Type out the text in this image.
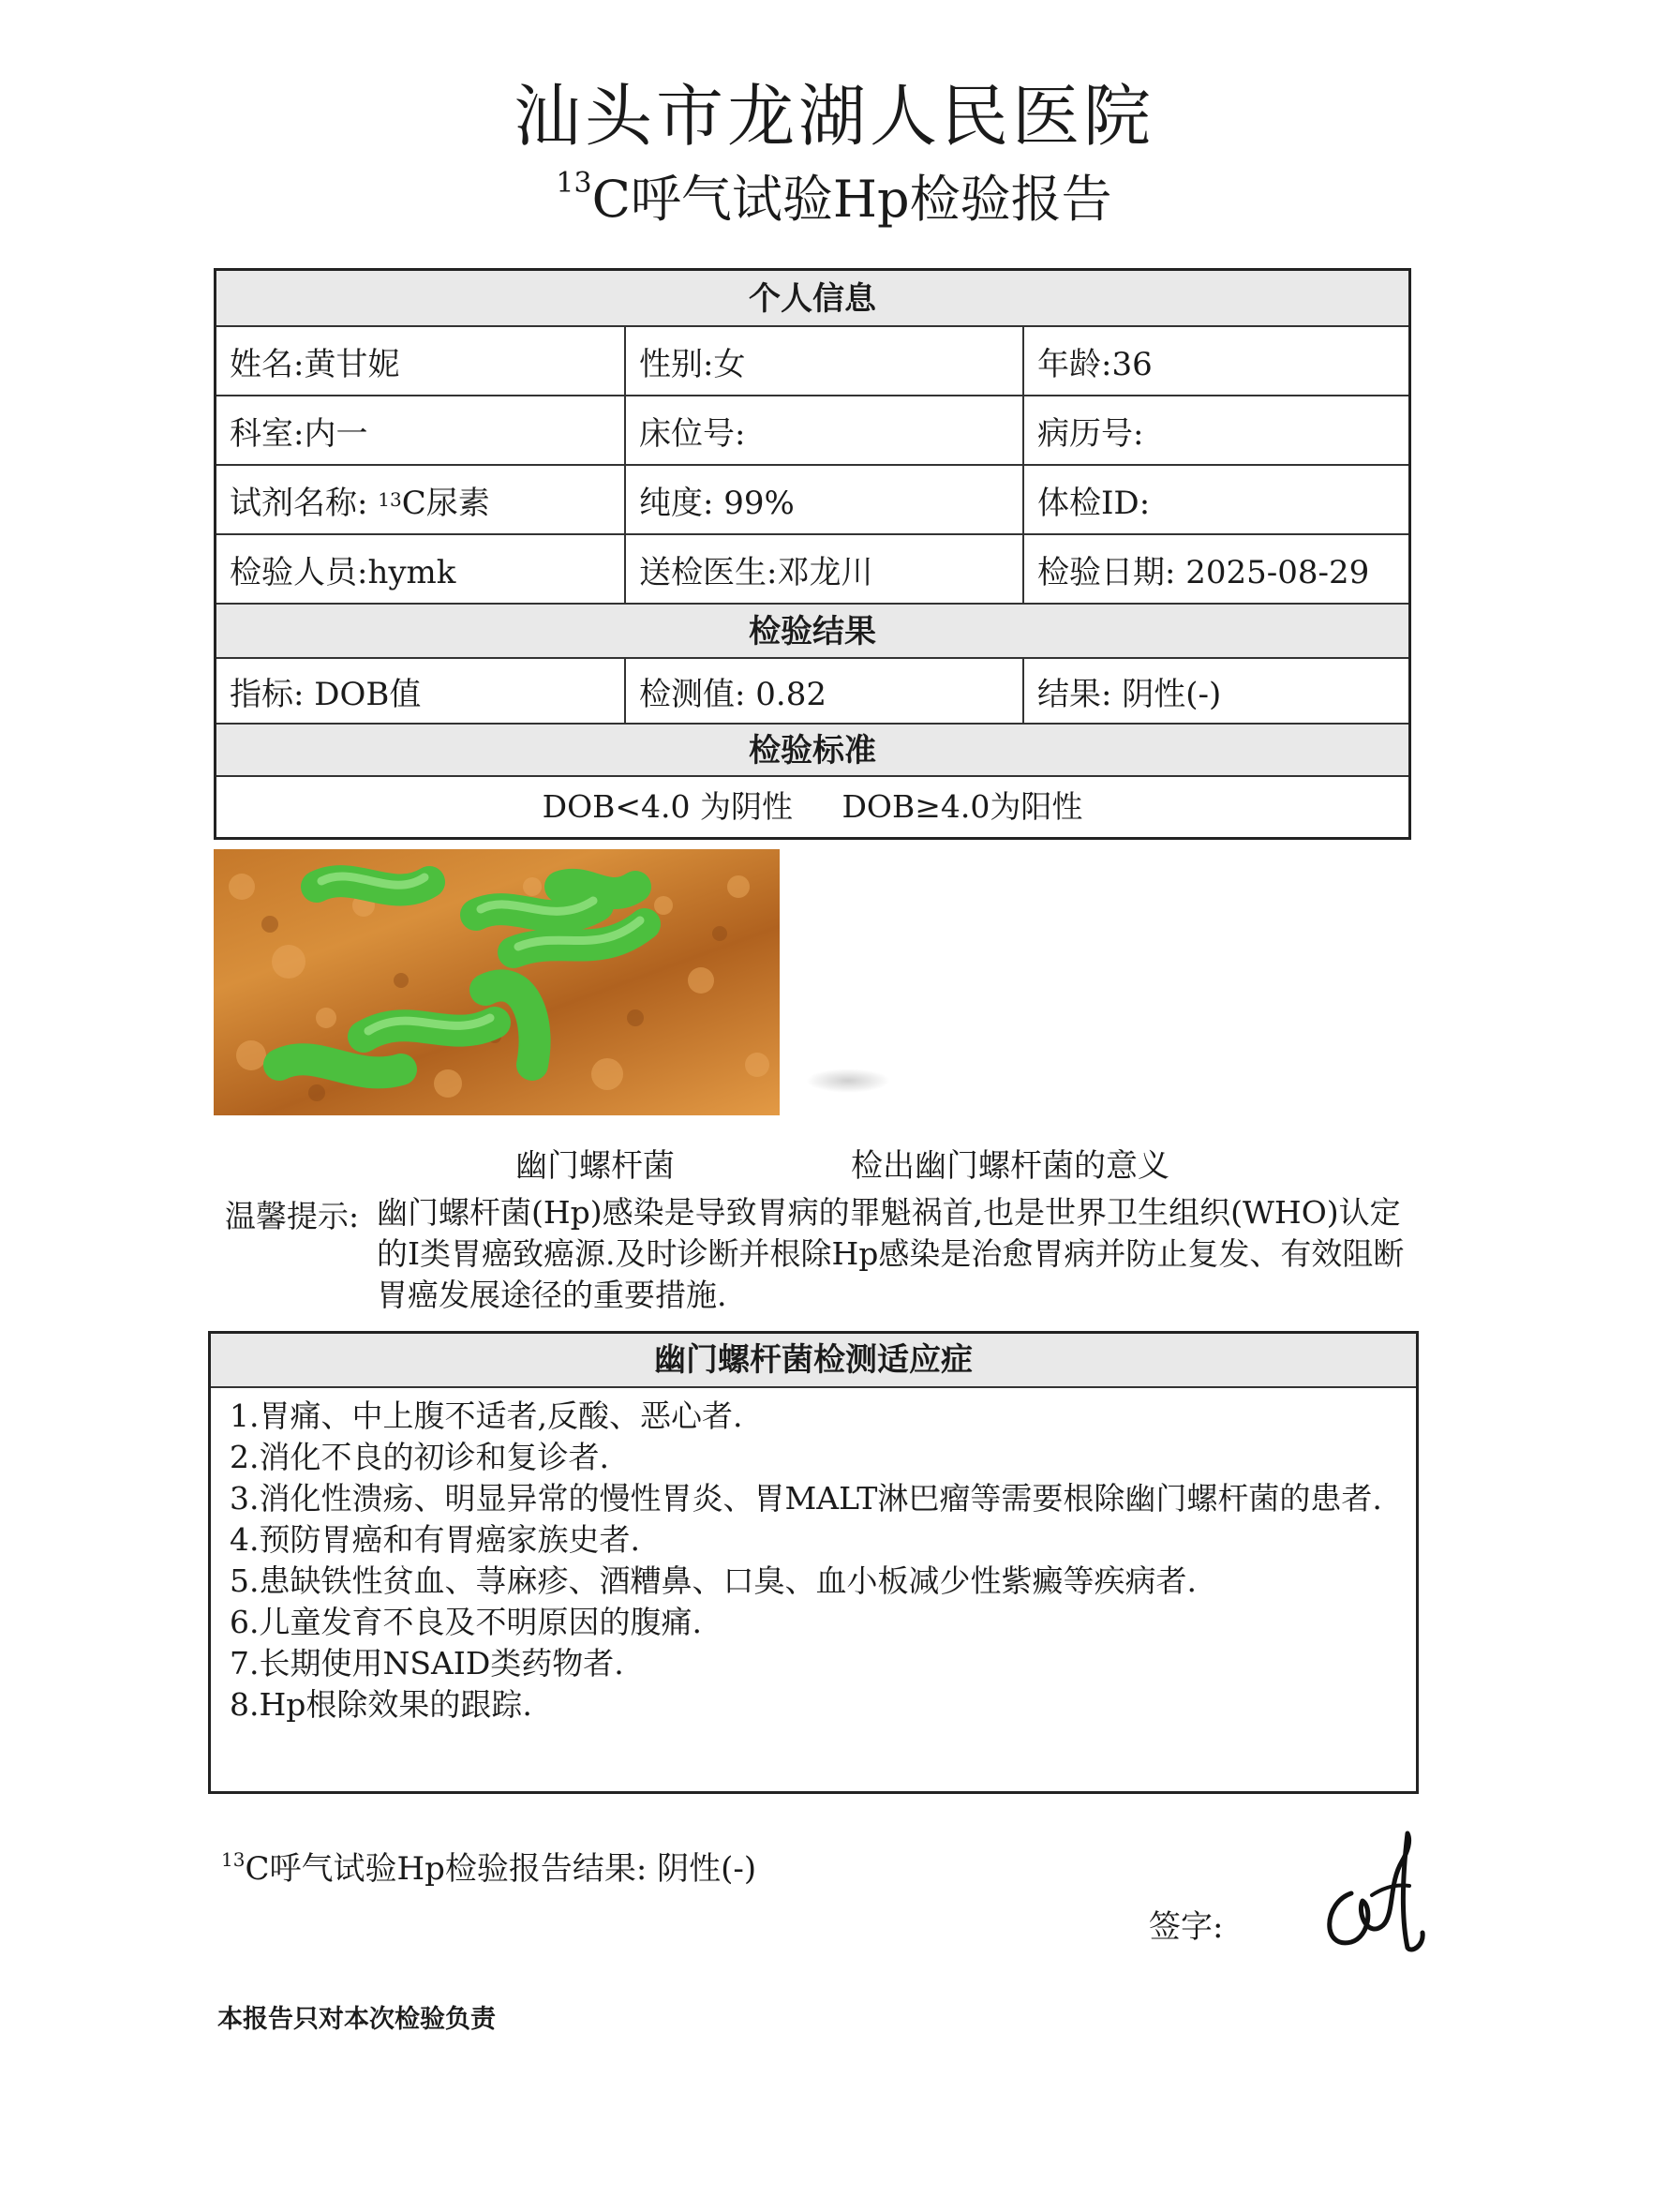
汕头市龙湖人民医院
$^{13}$C呼气试验Hp检验报告
个人信息
姓名:黄甘妮	性别:女	年龄:36
科室:内一	床位号:	病历号:
试剂名称: 13 C尿素	纯度: 99%	体检ID:
检验人员:hymk	送检医生:邓龙川	检验日期: 2025-08-29
检验结果
指标: DOB值	检测值: 0.82	结果: 阴性(-)
检验标准
DOB<4.0 为阴性     DOB≥4.0为阳性
幽门螺杆菌	检出幽门螺杆菌的意义
温馨提示: 幽门螺杆菌(Hp)感染是导致胃病的罪魁祸首,也是世界卫生组织(WHO)认定的I类胃癌致癌源.及时诊断并根除Hp感染是治愈胃病并防止复发、有效阻断胃癌发展途径的重要措施.
幽门螺杆菌检测适应症
1.胃痛、中上腹不适者,反酸、恶心者.
2.消化不良的初诊和复诊者.
3.消化性溃疡、明显异常的慢性胃炎、胃MALT淋巴瘤等需要根除幽门螺杆菌的患者.
4.预防胃癌和有胃癌家族史者.
5.患缺铁性贫血、荨麻疹、酒糟鼻、口臭、血小板减少性紫癜等疾病者.
6.儿童发育不良及不明原因的腹痛.
7.长期使用NSAID类药物者.
8.Hp根除效果的跟踪.
$^{13}$C呼气试验Hp检验报告结果: 阴性(-)
签字:
本报告只对本次检验负责
